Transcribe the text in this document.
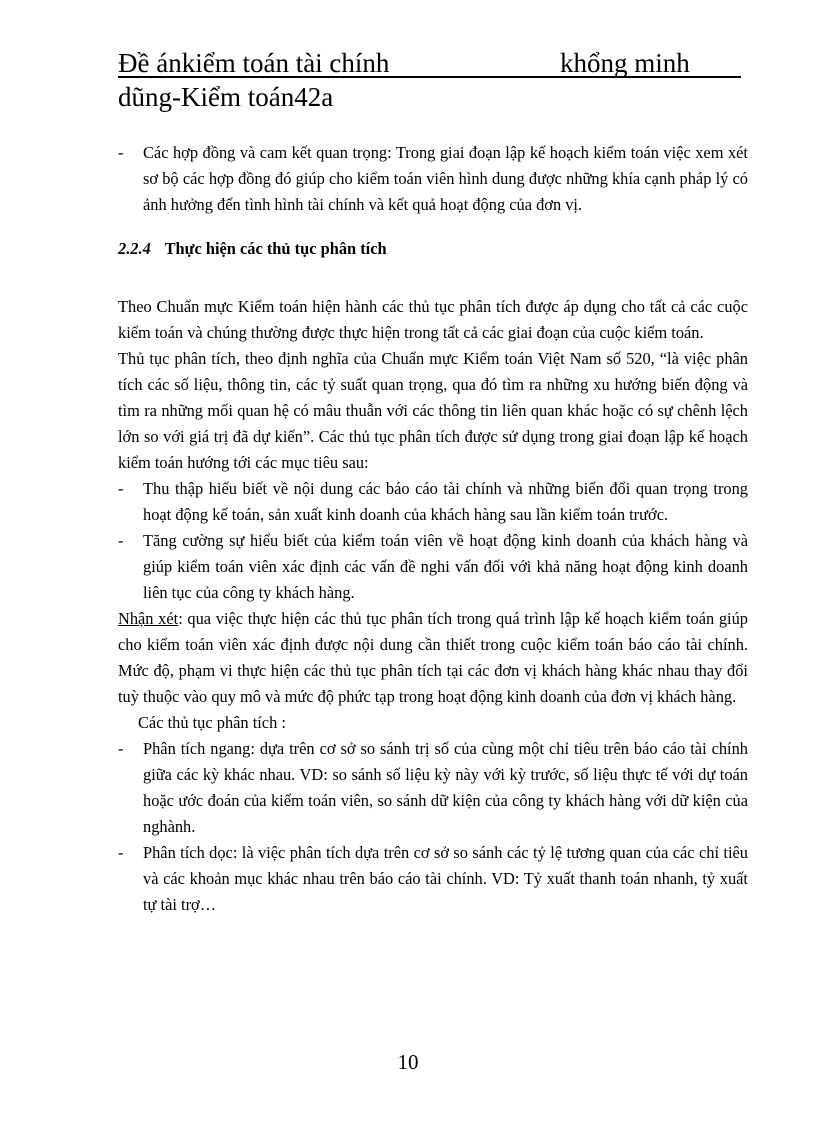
Đề ánkiểm toán tài chính	khổng minh
dũng-Kiểm toán42a
- Các hợp đồng và cam kết quan trọng: Trong giai đoạn lập kế hoạch kiểm toán việc xem xét sơ bộ các hợp đồng đó giúp cho kiểm toán viên hình dung được những khía cạnh pháp lý có ảnh hưởng đến tình hình tài chính và kết quả hoạt động của đơn vị.
2.2.4 Thực hiện các thủ tục phân tích

Theo Chuẩn mực Kiểm toán hiện hành các thủ tục phân tích được áp dụng cho tất cả các cuộc kiểm toán và chúng thường được thực hiện trong tất cả các giai đoạn của cuộc kiểm toán.

Thủ tục phân tích, theo định nghĩa của Chuẩn mực Kiểm toán Việt Nam số 520, “là việc phân tích các số liệu, thông tin, các tỷ suất quan trọng, qua đó tìm ra những xu hướng biến động và tìm ra những mối quan hệ có mâu thuẫn với các thông tin liên quan khác hoặc có sự chênh lệch lớn so với giá trị đã dự kiến”. Các thủ tục phân tích được sử dụng trong giai đoạn lập kế hoạch kiểm toán hướng tới các mục tiêu sau:

- Thu thập hiểu biết về nội dung các báo cáo tài chính và những biến đổi quan trọng trong hoạt động kế toán, sản xuất kinh doanh của khách hàng sau lần kiểm toán trước.
- Tăng cường sự hiểu biết của kiểm toán viên về hoạt động kinh doanh của khách hàng và giúp kiểm toán viên xác định các vấn đề nghi vấn đối với khả năng hoạt động kinh doanh liên tục của công ty khách hàng.

Nhận xét: qua việc thực hiện các thủ tục phân tích trong quá trình lập kế hoạch kiểm toán giúp cho kiểm toán viên xác định được nội dung cần thiết trong cuộc kiểm toán báo cáo tài chính. Mức độ, phạm vi thực hiện các thủ tục phân tích tại các đơn vị khách hàng khác nhau thay đổi tuỳ thuộc vào quy mô và mức độ phức tạp trong hoạt động kinh doanh của đơn vị khách hàng.

Các thủ tục phân tích :

- Phân tích ngang: dựa trên cơ sở so sánh trị số của cùng một chỉ tiêu trên báo cáo tài chính giữa các kỳ khác nhau. VD: so sánh số liệu kỳ này với kỳ trước, số liệu thực tế với dự toán hoặc ước đoán của kiểm toán viên, so sánh dữ kiện của công ty khách hàng với dữ kiện của nghành.
- Phân tích dọc: là việc phân tích dựa trên cơ sở so sánh các tỷ lệ tương quan của các chỉ tiêu và các khoản mục khác nhau trên báo cáo tài chính. VD: Tỷ xuất thanh toán nhanh, tỷ xuất tự tài trợ…
10
